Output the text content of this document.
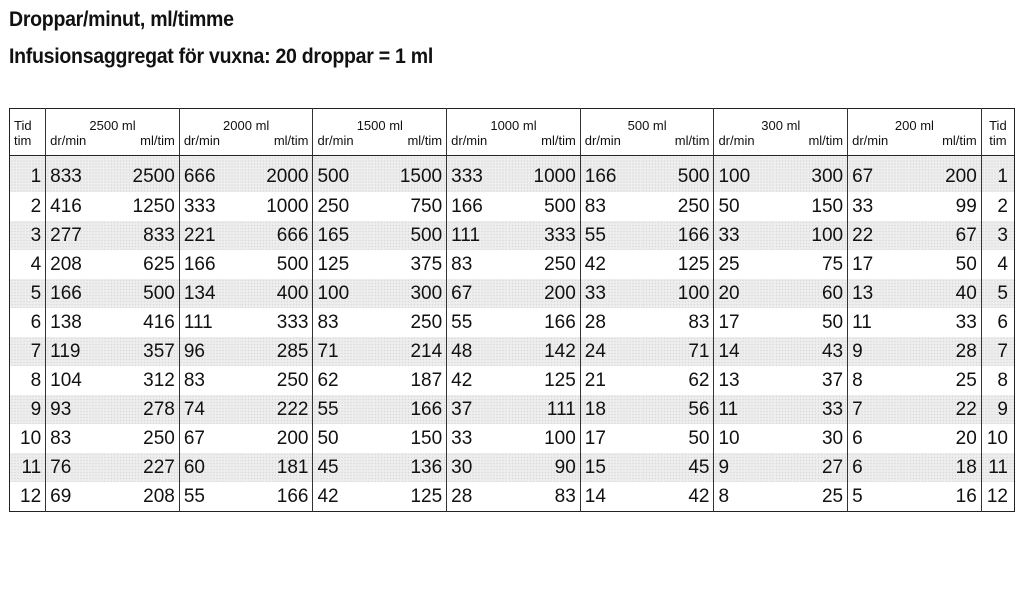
Droppar/minut, ml/timme
Infusionsaggregat för vuxna: 20 droppar = 1 ml
Tid	2500 ml		2000 ml		1500 ml		1000 ml		500 ml		300 ml		200 ml		Tid
tim	dr/min	ml/tim	dr/min	ml/tim	dr/min	ml/tim	dr/min	ml/tim	dr/min	ml/tim	dr/min	ml/tim	dr/min	ml/tim	tim
1	833	2500	666	2000	500	1500	333	1000	166	500	100	300	67	200	1
2	416	1250	333	1000	250	750	166	500	83	250	50	150	33	99	2
3	277	833	221	666	165	500	111	333	55	166	33	100	22	67	3
4	208	625	166	500	125	375	83	250	42	125	25	75	17	50	4
5	166	500	134	400	100	300	67	200	33	100	20	60	13	40	5
6	138	416	111	333	83	250	55	166	28	83	17	50	11	33	6
7	119	357	96	285	71	214	48	142	24	71	14	43	9	28	7
8	104	312	83	250	62	187	42	125	21	62	13	37	8	25	8
9	93	278	74	222	55	166	37	111	18	56	11	33	7	22	9
10	83	250	67	200	50	150	33	100	17	50	10	30	6	20	10
11	76	227	60	181	45	136	30	90	15	45	9	27	6	18	11
12	69	208	55	166	42	125	28	83	14	42	8	25	5	16	12
